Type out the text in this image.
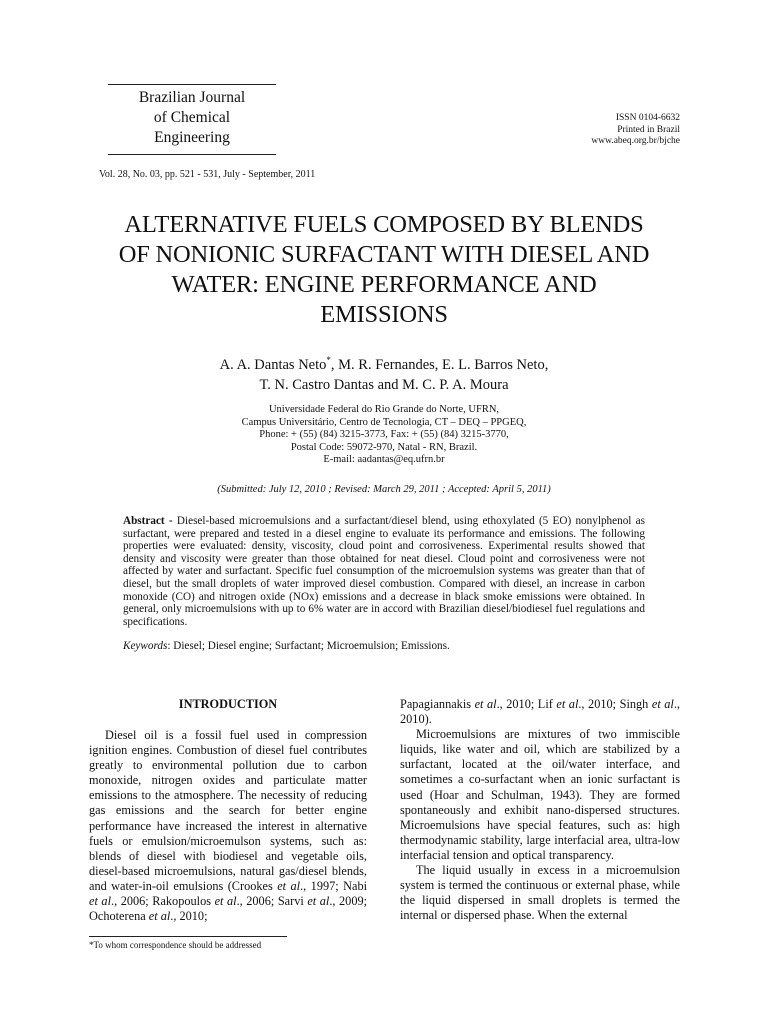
Brazilian Journal
of Chemical
Engineering
ISSN 0104-6632
Printed in Brazil
www.abeq.org.br/bjche
Vol. 28, No. 03, pp. 521 - 531, July - September, 2011
ALTERNATIVE FUELS COMPOSED BY BLENDS
OF NONIONIC SURFACTANT WITH DIESEL AND
WATER: ENGINE PERFORMANCE AND
EMISSIONS
A. A. Dantas Neto*, M. R. Fernandes, E. L. Barros Neto,
T. N. Castro Dantas and M. C. P. A. Moura
Universidade Federal do Rio Grande do Norte, UFRN,
Campus Universitário, Centro de Tecnologia, CT – DEQ – PPGEQ,
Phone: + (55) (84) 3215-3773, Fax: + (55) (84) 3215-3770,
Postal Code: 59072-970, Natal - RN, Brazil.
E-mail: aadantas@eq.ufrn.br
(Submitted: July 12, 2010 ; Revised: March 29, 2011 ; Accepted: April 5, 2011)
Abstract - Diesel-based microemulsions and a surfactant/diesel blend, using ethoxylated (5 EO) nonylphenol as surfactant, were prepared and tested in a diesel engine to evaluate its performance and emissions. The following properties were evaluated: density, viscosity, cloud point and corrosiveness. Experimental results showed that density and viscosity were greater than those obtained for neat diesel. Cloud point and corrosiveness were not affected by water and surfactant. Specific fuel consumption of the microemulsion systems was greater than that of diesel, but the small droplets of water improved diesel combustion. Compared with diesel, an increase in carbon monoxide (CO) and nitrogen oxide (NOx) emissions and a decrease in black smoke emissions were obtained. In general, only microemulsions with up to 6% water are in accord with Brazilian diesel/biodiesel fuel regulations and specifications.
Keywords: Diesel; Diesel engine; Surfactant; Microemulsion; Emissions.
INTRODUCTION

Diesel oil is a fossil fuel used in compression ignition engines. Combustion of diesel fuel contributes greatly to environmental pollution due to carbon monoxide, nitrogen oxides and particulate matter emissions to the atmosphere. The necessity of reducing gas emissions and the search for better engine performance have increased the interest in alternative fuels or emulsion/microemulson systems, such as: blends of diesel with biodiesel and vegetable oils, diesel-based microemulsions, natural gas/diesel blends, and water-in-oil emulsions (Crookes et al., 1997; Nabi et al., 2006; Rakopoulos et al., 2006; Sarvi et al., 2009; Ochoterena et al., 2010;

Papagiannakis et al., 2010; Lif et al., 2010; Singh et al., 2010).

Microemulsions are mixtures of two immiscible liquids, like water and oil, which are stabilized by a surfactant, located at the oil/water interface, and sometimes a co-surfactant when an ionic surfactant is used (Hoar and Schulman, 1943). They are formed spontaneously and exhibit nano-dispersed structures. Microemulsions have special features, such as: high thermodynamic stability, large interfacial area, ultra-low interfacial tension and optical transparency.

The liquid usually in excess in a microemulsion system is termed the continuous or external phase, while the liquid dispersed in small droplets is termed the internal or dispersed phase. When the external

*To whom correspondence should be addressed
